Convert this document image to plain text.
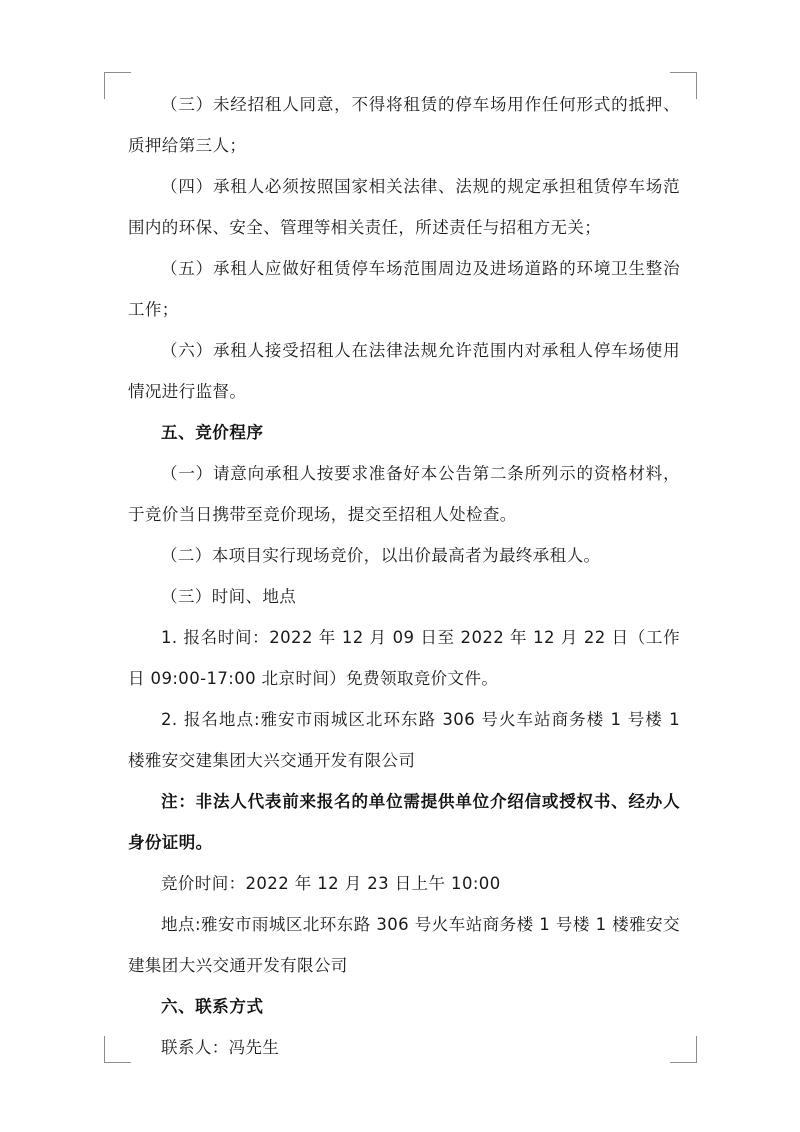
（三）未经招租人同意，不得将租赁的停车场用作任何形式的抵押、质押给第三人；

（四）承租人必须按照国家相关法律、法规的规定承担租赁停车场范围内的环保、安全、管理等相关责任，所述责任与招租方无关；

（五）承租人应做好租赁停车场范围周边及进场道路的环境卫生整治工作；

（六）承租人接受招租人在法律法规允许范围内对承租人停车场使用情况进行监督。

五、竞价程序

（一）请意向承租人按要求准备好本公告第二条所列示的资格材料，于竞价当日携带至竞价现场，提交至招租人处检查。

（二）本项目实行现场竞价，以出价最高者为最终承租人。

（三）时间、地点

1. 报名时间：2022 年 12 月 09 日至 2022 年 12 月 22 日（工作日 09:00-17:00 北京时间）免费领取竞价文件。

2. 报名地点:雅安市雨城区北环东路 306 号火车站商务楼 1 号楼 1 楼雅安交建集团大兴交通开发有限公司

注：非法人代表前来报名的单位需提供单位介绍信或授权书、经办人身份证明。

竞价时间：2022 年 12 月 23 日上午 10:00

地点:雅安市雨城区北环东路 306 号火车站商务楼 1 号楼 1 楼雅安交建集团大兴交通开发有限公司

六、联系方式

联系人：冯先生
